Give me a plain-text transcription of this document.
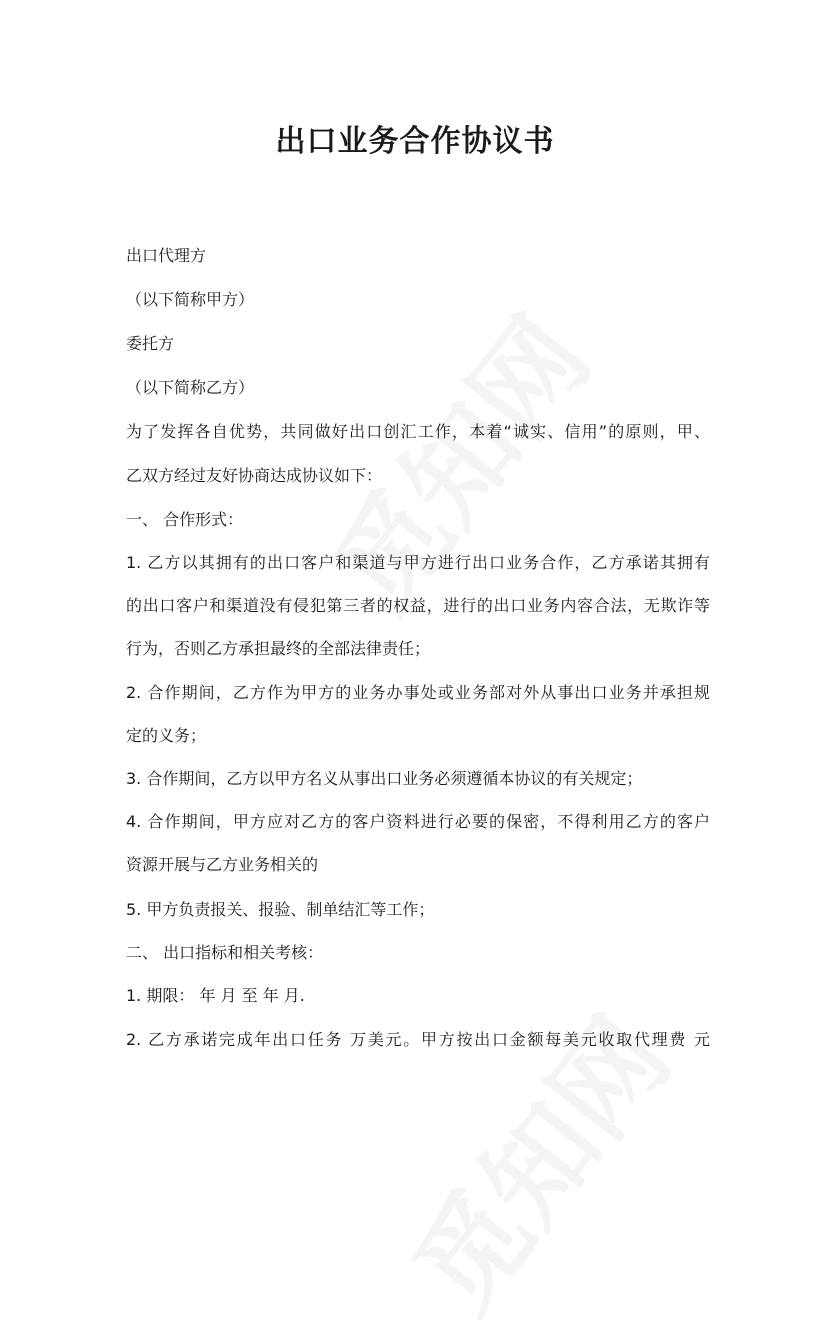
出口业务合作协议书
出口代理方
（以下简称甲方）
委托方
（以下简称乙方）
为了发挥各自优势，共同做好出口创汇工作，本着“诚实、信用”的原则，甲、
乙双方经过友好协商达成协议如下：
一、 合作形式：
1. 乙方以其拥有的出口客户和渠道与甲方进行出口业务合作，乙方承诺其拥有
的出口客户和渠道没有侵犯第三者的权益，进行的出口业务内容合法，无欺诈等
行为，否则乙方承担最终的全部法律责任；
2. 合作期间，乙方作为甲方的业务办事处或业务部对外从事出口业务并承担规
定的义务；
3. 合作期间，乙方以甲方名义从事出口业务必须遵循本协议的有关规定；
4. 合作期间，甲方应对乙方的客户资料进行必要的保密，不得利用乙方的客户
资源开展与乙方业务相关的
5. 甲方负责报关、报验、制单结汇等工作；
二、 出口指标和相关考核：
1. 期限： 年 月 至 年 月.
2. 乙方承诺完成年出口任务 万美元。甲方按出口金额每美元收取代理费 元
